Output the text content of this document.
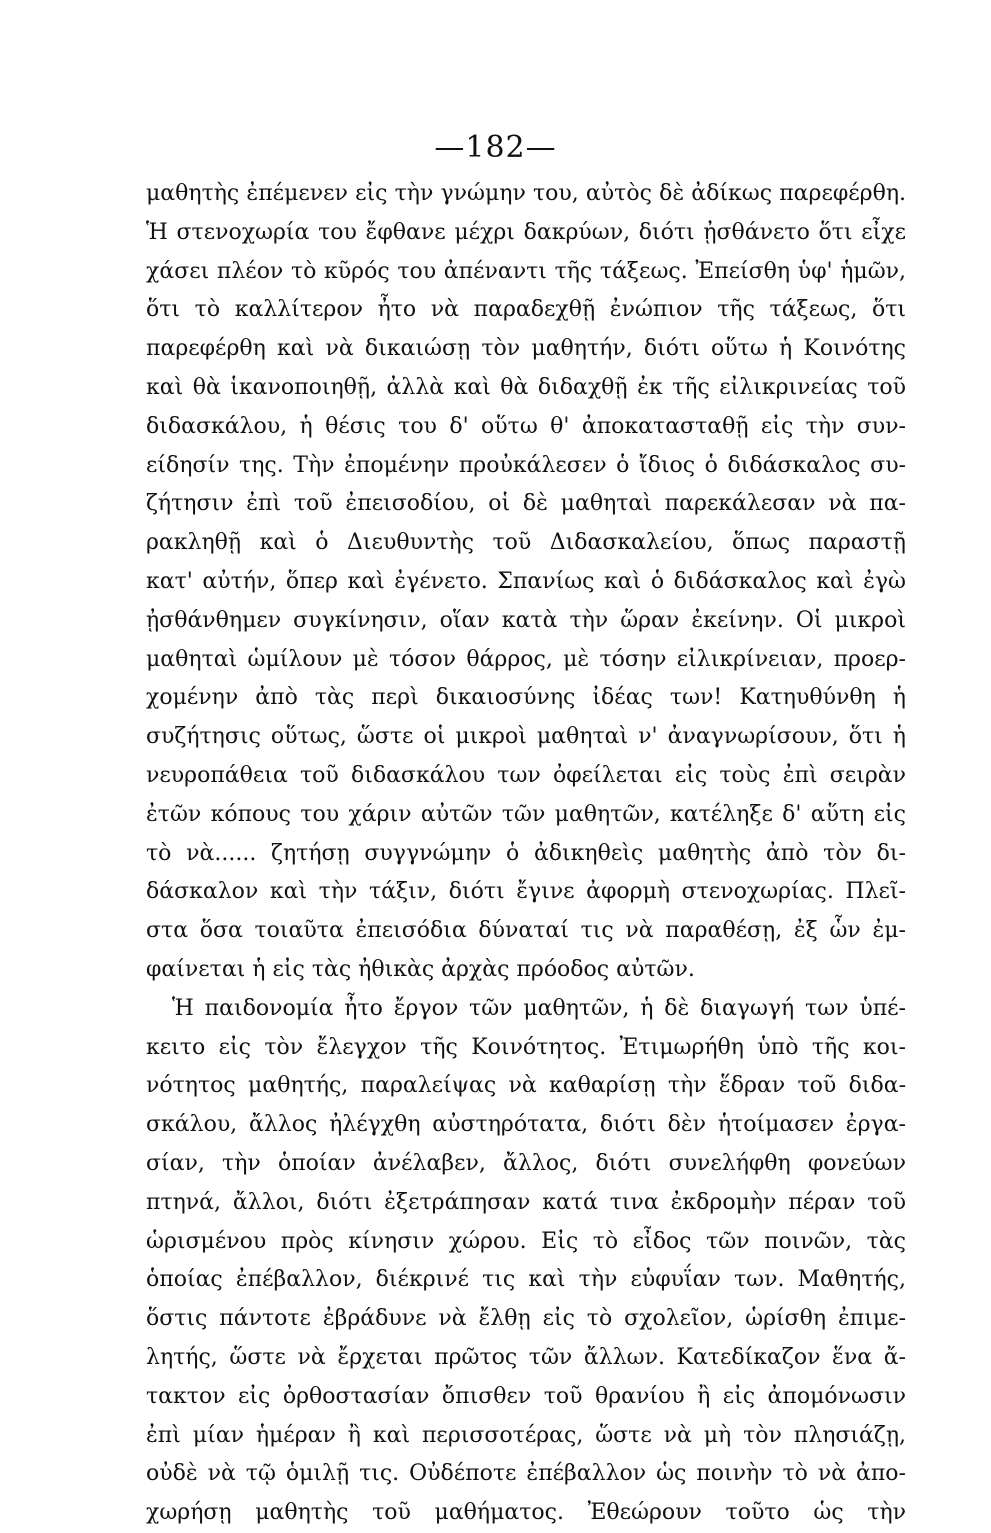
—182—
μαθητὴς ἐπέμενεν εἰς τὴν γνώμην του, αὐτὸς δὲ ἀδίκως παρεφέρθη.
Ἡ στενοχωρία του ἔφθανε μέχρι δακρύων, διότι ᾐσθάνετο ὅτι εἶχε
χάσει πλέον τὸ κῦρός του ἀπέναντι τῆς τάξεως. Ἐπείσθη ὑφ' ἡμῶν,
ὅτι τὸ καλλίτερον ἦτο νὰ παραδεχθῇ ἐνώπιον τῆς τάξεως, ὅτι
παρεφέρθη καὶ νὰ δικαιώσῃ τὸν μαθητήν, διότι οὕτω ἡ Κοινότης
καὶ θὰ ἱκανοποιηθῇ, ἀλλὰ καὶ θὰ διδαχθῇ ἐκ τῆς εἰλικρινείας τοῦ
διδασκάλου, ἡ θέσις του δ' οὕτω θ' ἀποκατασταθῇ εἰς τὴν συν-
είδησίν της. Τὴν ἐπομένην προὐκάλεσεν ὁ ἴδιος ὁ διδάσκαλος συ-
ζήτησιν ἐπὶ τοῦ ἐπεισοδίου, οἱ δὲ μαθηταὶ παρεκάλεσαν νὰ πα-
ρακληθῇ καὶ ὁ Διευθυντὴς τοῦ Διδασκαλείου, ὅπως παραστῇ
κατ' αὐτήν, ὅπερ καὶ ἐγένετο. Σπανίως καὶ ὁ διδάσκαλος καὶ ἐγὼ
ᾐσθάνθημεν συγκίνησιν, οἵαν κατὰ τὴν ὥραν ἐκείνην. Οἱ μικροὶ
μαθηταὶ ὡμίλουν μὲ τόσον θάρρος, μὲ τόσην εἰλικρίνειαν, προερ-
χομένην ἀπὸ τὰς περὶ δικαιοσύνης ἰδέας των! Κατηυθύνθη ἡ
συζήτησις οὕτως, ὥστε οἱ μικροὶ μαθηταὶ ν' ἀναγνωρίσουν, ὅτι ἡ
νευροπάθεια τοῦ διδασκάλου των ὀφείλεται εἰς τοὺς ἐπὶ σειρὰν
ἐτῶν κόπους του χάριν αὐτῶν τῶν μαθητῶν, κατέληξε δ' αὕτη εἰς
τὸ νὰ...... ζητήσῃ συγγνώμην ὁ ἀδικηθεὶς μαθητὴς ἀπὸ τὸν δι-
δάσκαλον καὶ τὴν τάξιν, διότι ἔγινε ἀφορμὴ στενοχωρίας. Πλεῖ-
στα ὅσα τοιαῦτα ἐπεισόδια δύναταί τις νὰ παραθέσῃ, ἐξ ὧν ἐμ-
φαίνεται ἡ εἰς τὰς ἠθικὰς ἀρχὰς πρόοδος αὐτῶν.
Ἡ παιδονομία ἦτο ἔργον τῶν μαθητῶν, ἡ δὲ διαγωγή των ὑπέ-
κειτο εἰς τὸν ἔλεγχον τῆς Κοινότητος. Ἐτιμωρήθη ὑπὸ τῆς κοι-
νότητος μαθητής, παραλείψας νὰ καθαρίσῃ τὴν ἕδραν τοῦ διδα-
σκάλου, ἄλλος ἠλέγχθη αὐστηρότατα, διότι δὲν ἡτοίμασεν ἐργα-
σίαν, τὴν ὁποίαν ἀνέλαβεν, ἄλλος, διότι συνελήφθη φονεύων
πτηνά, ἄλλοι, διότι ἐξετράπησαν κατά τινα ἐκδρομὴν πέραν τοῦ
ὡρισμένου πρὸς κίνησιν χώρου. Εἰς τὸ εἶδος τῶν ποινῶν, τὰς
ὁποίας ἐπέβαλλον, διέκρινέ τις καὶ τὴν εὐφυΐαν των. Μαθητής,
ὅστις πάντοτε ἐβράδυνε νὰ ἔλθῃ εἰς τὸ σχολεῖον, ὡρίσθη ἐπιμε-
λητής, ὥστε νὰ ἔρχεται πρῶτος τῶν ἄλλων. Κατεδίκαζον ἕνα ἄ-
τακτον εἰς ὀρθοστασίαν ὄπισθεν τοῦ θρανίου ἢ εἰς ἀπομόνωσιν
ἐπὶ μίαν ἡμέραν ἢ καὶ περισσοτέρας, ὥστε νὰ μὴ τὸν πλησιάζῃ,
οὐδὲ νὰ τῷ ὁμιλῇ τις. Οὐδέποτε ἐπέβαλλον ὡς ποινὴν τὸ νὰ ἀπο-
χωρήσῃ μαθητὴς τοῦ μαθήματος. Ἐθεώρουν τοῦτο ὡς τὴν
